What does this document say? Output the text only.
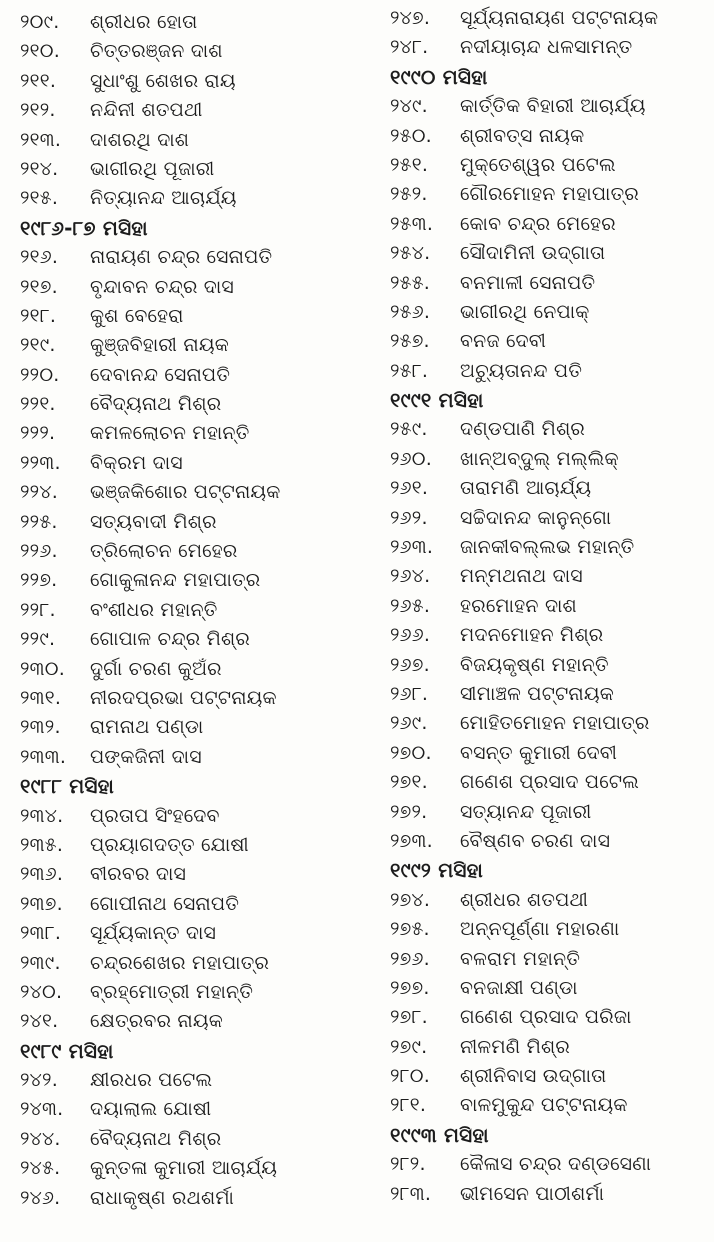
୨୦୯. ଶ୍ରୀଧର ହୋତା
୨୧୦. ଚିତ୍ତରଞ୍ଜନ ଦାଶ
୨୧୧. ସୁଧାଂଶୁ ଶେଖର ରାୟ
୨୧୨. ନନ୍ଦିନୀ ଶତପଥୀ
୨୧୩. ଦାଶରଥି ଦାଶ
୨୧୪. ଭାଗୀରଥି ପୂଜାରୀ
୨୧୫. ନିତ୍ୟାନନ୍ଦ ଆଚାର୍ଯ୍ୟ
୧୯୮୬-୮୭ ମସିହା
୨୧୬. ନାରାୟଣ ଚନ୍ଦ୍ର ସେନାପତି
୨୧୭. ବୃନ୍ଦାବନ ଚନ୍ଦ୍ର ଦାସ
୨୧୮. କୁଶ ବେହେରା
୨୧୯. କୁଞ୍ଜବିହାରୀ ନାୟକ
୨୨୦. ଦେବାନନ୍ଦ ସେନାପତି
୨୨୧. ବୈଦ୍ୟନାଥ ମିଶ୍ର
୨୨୨. କମଳଲୋଚନ ମହାନ୍ତି
୨୨୩. ବିକ୍ରମ ଦାସ
୨୨୪. ଭଞ୍ଜକିଶୋର ପଟ୍ଟନାୟକ
୨୨୫. ସତ୍ୟବାଦୀ ମିଶ୍ର
୨୨୬. ତ୍ରିଲୋଚନ ମେହେର
୨୨୭. ଗୋକୁଳାନନ୍ଦ ମହାପାତ୍ର
୨୨୮. ବଂଶୀଧର ମହାନ୍ତି
୨୨୯. ଗୋପାଳ ଚନ୍ଦ୍ର ମିଶ୍ର
୨୩୦. ଦୁର୍ଗା ଚରଣ କୁଅଁର
୨୩୧. ନୀରଦପ୍ରଭା ପଟ୍ଟନାୟକ
୨୩୨. ରାମନାଥ ପଣ୍ଡା
୨୩୩. ପଙ୍କଜିନୀ ଦାସ
୧୯୮୮ ମସିହା
୨୩୪. ପ୍ରତାପ ସିଂହଦେବ
୨୩୫. ପ୍ରୟାଗଦତ୍ତ ଯୋଷୀ
୨୩୬. ବୀରବର ଦାସ
୨୩୭. ଗୋପୀନାଥ ସେନାପତି
୨୩୮. ସୂର୍ଯ୍ୟକାନ୍ତ ଦାସ
୨୩୯. ଚନ୍ଦ୍ରଶେଖର ମହାପାତ୍ର
୨୪୦. ବ୍ରହ୍ମୋତ୍ରୀ ମହାନ୍ତି
୨୪୧. କ୍ଷେତ୍ରବର ନାୟକ
୧୯୮୯ ମସିହା
୨୪୨. କ୍ଷୀରଧର ପଟେଲ
୨୪୩. ଦୟାଲାଲ ଯୋଷୀ
୨୪୪. ବୈଦ୍ୟନାଥ ମିଶ୍ର
୨୪୫. କୁନ୍ତଳା କୁମାରୀ ଆଚାର୍ଯ୍ୟ
୨୪୬. ରାଧାକୃଷ୍ଣ ରଥଶର୍ମା
୨୪୭. ସୂର୍ଯ୍ୟନାରାୟଣ ପଟ୍ଟନାୟକ
୨୪୮. ନଦୀୟାଚାନ୍ଦ ଧଳସାମନ୍ତ
୧୯୯୦ ମସିହା
୨୪୯. କାର୍ତ୍ତିକ ବିହାରୀ ଆଚାର୍ଯ୍ୟ
୨୫୦. ଶ୍ରୀବତ୍ସ ନାୟକ
୨୫୧. ମୁକ୍ତେଶ୍ୱର ପଟେଲ
୨୫୨. ଗୌରମୋହନ ମହାପାତ୍ର
୨୫୩. କୋବ ଚନ୍ଦ୍ର ମେହେର
୨୫୪. ସୌଦାମିନୀ ଉଦ୍‌ଗାତା
୨୫୫. ବନମାଳୀ ସେନାପତି
୨୫୬. ଭାଗୀରଥି ନେପାକ୍
୨୫୭. ବନଜ ଦେବୀ
୨୫୮. ଅଚ୍ୟୁତାନନ୍ଦ ପତି
୧୯୯୧ ମସିହା
୨୫୯. ଦଣ୍ଡପାଣି ମିଶ୍ର
୨୬୦. ଖାନ୍‌ଅବ୍‌ଦୁଲ୍ ମଲ୍ଲିକ୍
୨୬୧. ତାରାମଣି ଆଚାର୍ଯ୍ୟ
୨୬୨. ସଚ୍ଚିଦାନନ୍ଦ କାନୁନ୍‌ଗୋ
୨୬୩. ଜାନକୀବଲ୍ଲଭ ମହାନ୍ତି
୨୬୪. ମନ୍ମଥନାଥ ଦାସ
୨୬୫. ହରମୋହନ ଦାଶ
୨୬୬. ମଦନମୋହନ ମିଶ୍ର
୨୬୭. ବିଜୟକୃଷ୍ଣ ମହାନ୍ତି
୨୬୮. ସୀମାଞ୍ଚଳ ପଟ୍ଟନାୟକ
୨୬୯. ମୋହିତମୋହନ ମହାପାତ୍ର
୨୭୦. ବସନ୍ତ କୁମାରୀ ଦେବୀ
୨୭୧. ଗଣେଶ ପ୍ରସାଦ ପଟେଲ
୨୭୨. ସତ୍ୟାନନ୍ଦ ପୂଜାରୀ
୨୭୩. ବୈଷ୍ଣବ ଚରଣ ଦାସ
୧୯୯୨ ମସିହା
୨୭୪. ଶ୍ରୀଧର ଶତପଥୀ
୨୭୫. ଅନ୍ନପୂର୍ଣ୍ଣା ମହାରଣା
୨୭୬. ବଳରାମ ମହାନ୍ତି
୨୭୭. ବନଜାକ୍ଷୀ ପଣ୍ଡା
୨୭୮. ଗଣେଶ ପ୍ରସାଦ ପରିଜା
୨୭୯. ନୀଳମଣି ମିଶ୍ର
୨୮୦. ଶ୍ରୀନିବାସ ଉଦ୍‌ଗାତା
୨୮୧. ବାଳମୁକୁନ୍ଦ ପଟ୍ଟନାୟକ
୧୯୯୩ ମସିହା
୨୮୨. କୈଳାସ ଚନ୍ଦ୍ର ଦଣ୍ଡସେଣା
୨୮୩. ଭୀମସେନ ପାଠୀଶର୍ମା
